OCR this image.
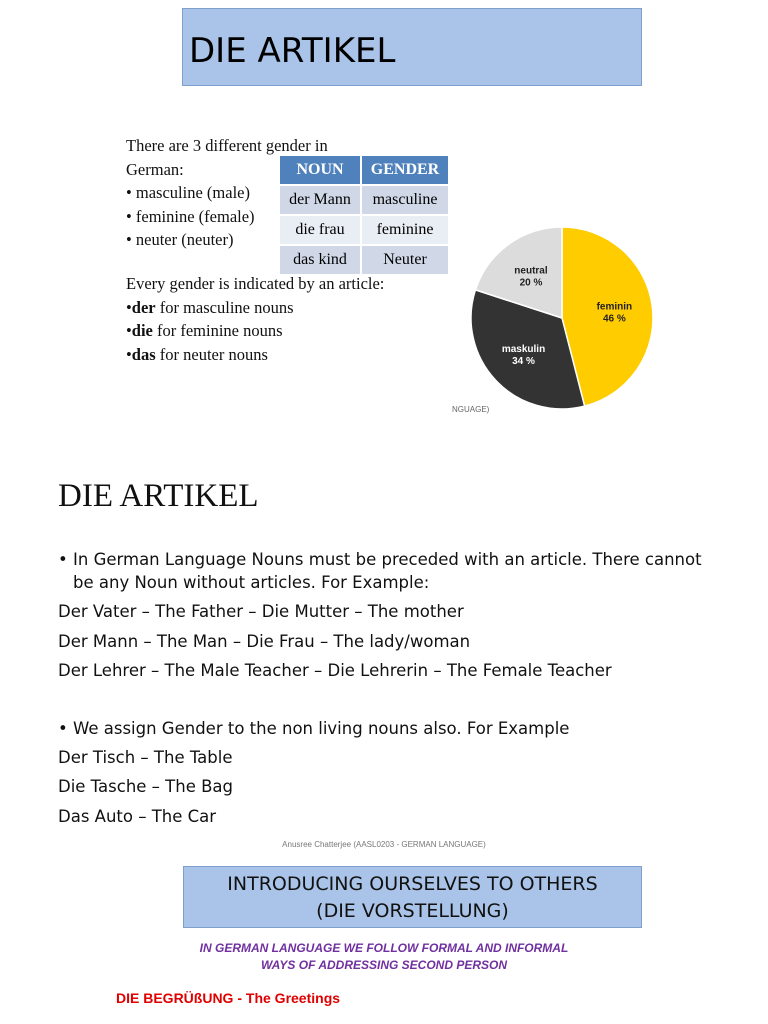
DIE ARTIKEL
There are 3 different gender in
German:
• masculine (male)
• feminine (female)
• neuter (neuter)
NOUN	GENDER
der Mann	masculine
die frau	feminine
das kind	Neuter
Every gender is indicated by an article:
•der for masculine nouns
•die for feminine nouns
•das for neuter nouns
feminin
46 %
maskulin
34 %
neutral
20 %
NGUAGE)
DIE ARTIKEL
• In German Language Nouns must be preceded with an article. There cannot
be any Noun without articles. For Example:
Der Vater – The Father – Die Mutter – The mother
Der Mann – The Man – Die Frau – The lady/woman
Der Lehrer – The Male Teacher – Die Lehrerin – The Female Teacher
• We assign Gender to the non living nouns also. For Example
Der Tisch – The Table
Die Tasche – The Bag
Das Auto – The Car
Anusree Chatterjee (AASL0203 - GERMAN LANGUAGE)
INTRODUCING OURSELVES TO OTHERS
(DIE VORSTELLUNG)
IN GERMAN LANGUAGE WE FOLLOW FORMAL AND INFORMAL
WAYS OF ADDRESSING SECOND PERSON
DIE BEGRÜßUNG - The Greetings
